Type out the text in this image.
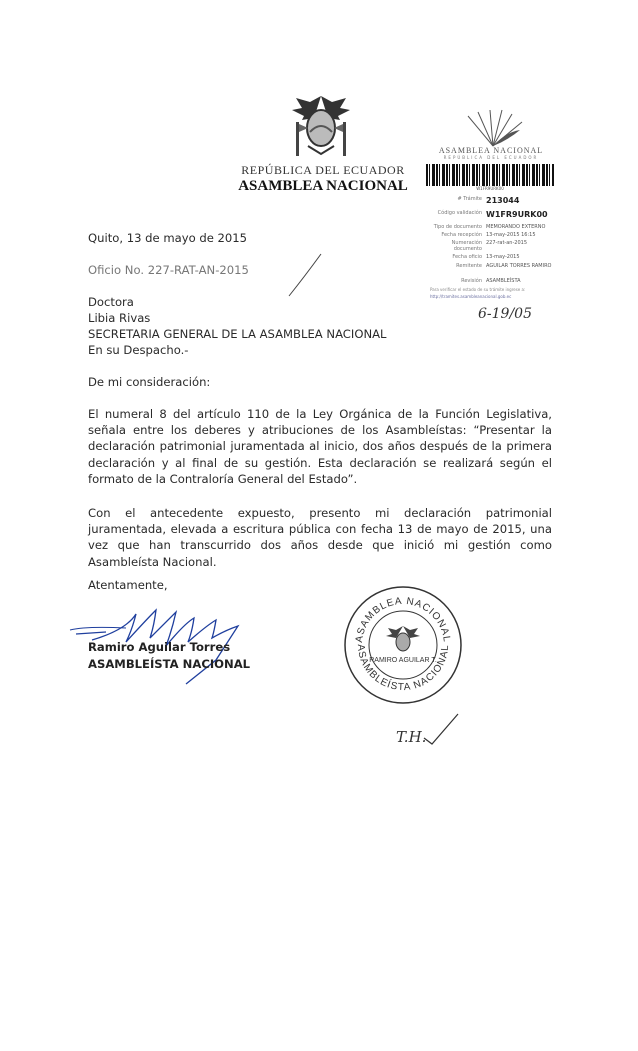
REPÚBLICA DEL ECUADOR
ASAMBLEA NACIONAL
ASAMBLEA NACIONAL
REPÚBLICA DEL ECUADOR
W1FR9URK00
# Trámite 213044
Código validación W1FR9URK00
Tipo de documento MEMORANDO EXTERNO
Fecha recepción 13-may-2015 16:15
Numeración documento227-rat-an-2015
Fecha oficio 13-may-2015
Remitente AGUILAR TORRES RAMIRO
Revisión ASAMBLEÍSTA
Para verificar el estado de su trámite ingrese a:
http://tramites.asambleanacional.gob.ec
6-19/05
Quito, 13 de mayo de 2015
Oficio No. 227-RAT-AN-2015
Doctora
Libia Rivas
SECRETARIA GENERAL DE LA ASAMBLEA NACIONAL
En su Despacho.-
De mi consideración:
El numeral 8 del artículo 110 de la Ley Orgánica de la Función Legislativa, señala entre los deberes y atribuciones de los Asambleístas: “Presentar la declaración patrimonial juramentada al inicio, dos años después de la primera declaración y al final de su gestión. Esta declaración se realizará según el formato de la Contraloría General del Estado”.
Con el antecedente expuesto, presento mi declaración patrimonial juramentada, elevada a escritura pública con fecha 13 de mayo de 2015, una vez que han transcurrido dos años desde que inició mi gestión como Asambleísta Nacional.
Atentamente,
Ramiro Aguilar Torres
ASAMBLEÍSTA NACIONAL
ASAMBLEA NACIONAL
ASAMBLEÍSTA NACIONAL
RAMIRO AGUILAR T.
T.H.
